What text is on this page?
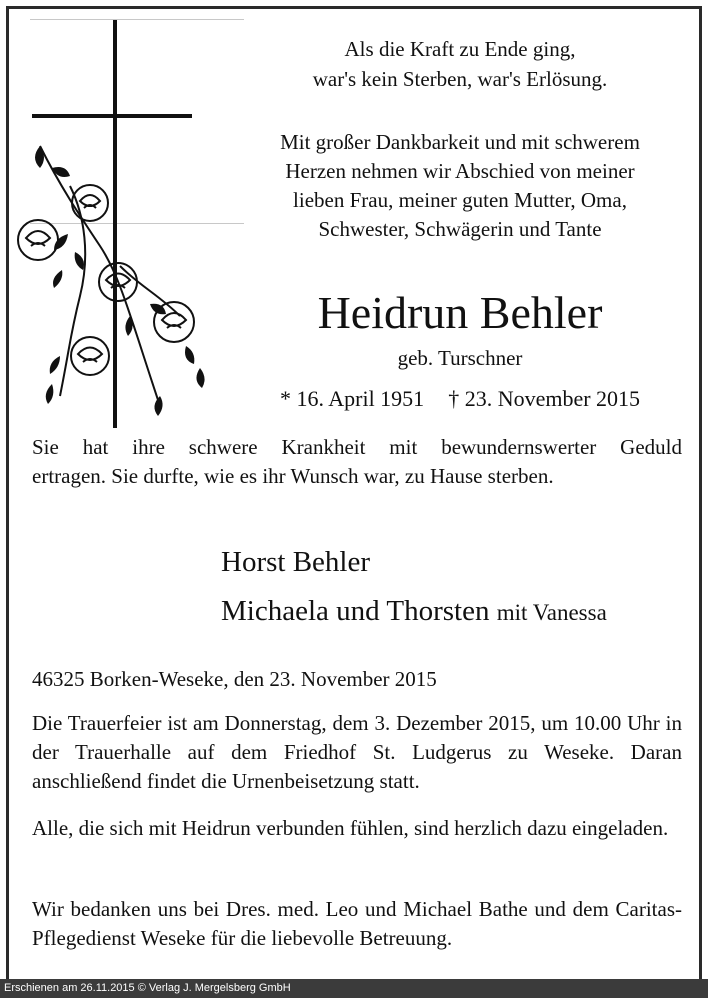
Als die Kraft zu Ende ging,
war's kein Sterben, war's Erlösung.
Mit großer Dankbarkeit und mit schwerem
Herzen nehmen wir Abschied von meiner
lieben Frau, meiner guten Mutter, Oma,
Schwester, Schwägerin und Tante
Heidrun Behler
geb. Turschner
* 16. April 1951 † 23. November 2015
Sie hat ihre schwere Krankheit mit bewundernswerter Geduld
ertragen. Sie durfte, wie es ihr Wunsch war, zu Hause sterben.
Horst Behler
Michaela und Thorsten mit Vanessa
46325 Borken-Weseke, den 23. November 2015
Die Trauerfeier ist am Donnerstag, dem 3. Dezember 2015, um 10.00 Uhr in der Trauerhalle auf dem Friedhof St. Ludgerus zu Weseke. Daran anschließend findet die Urnenbeisetzung statt.
Alle, die sich mit Heidrun verbunden fühlen, sind herzlich dazu eingeladen.
Wir bedanken uns bei Dres. med. Leo und Michael Bathe und dem Caritas-Pflegedienst Weseke für die liebevolle Betreuung.
Erschienen am 26.11.2015 © Verlag J. Mergelsberg GmbH
